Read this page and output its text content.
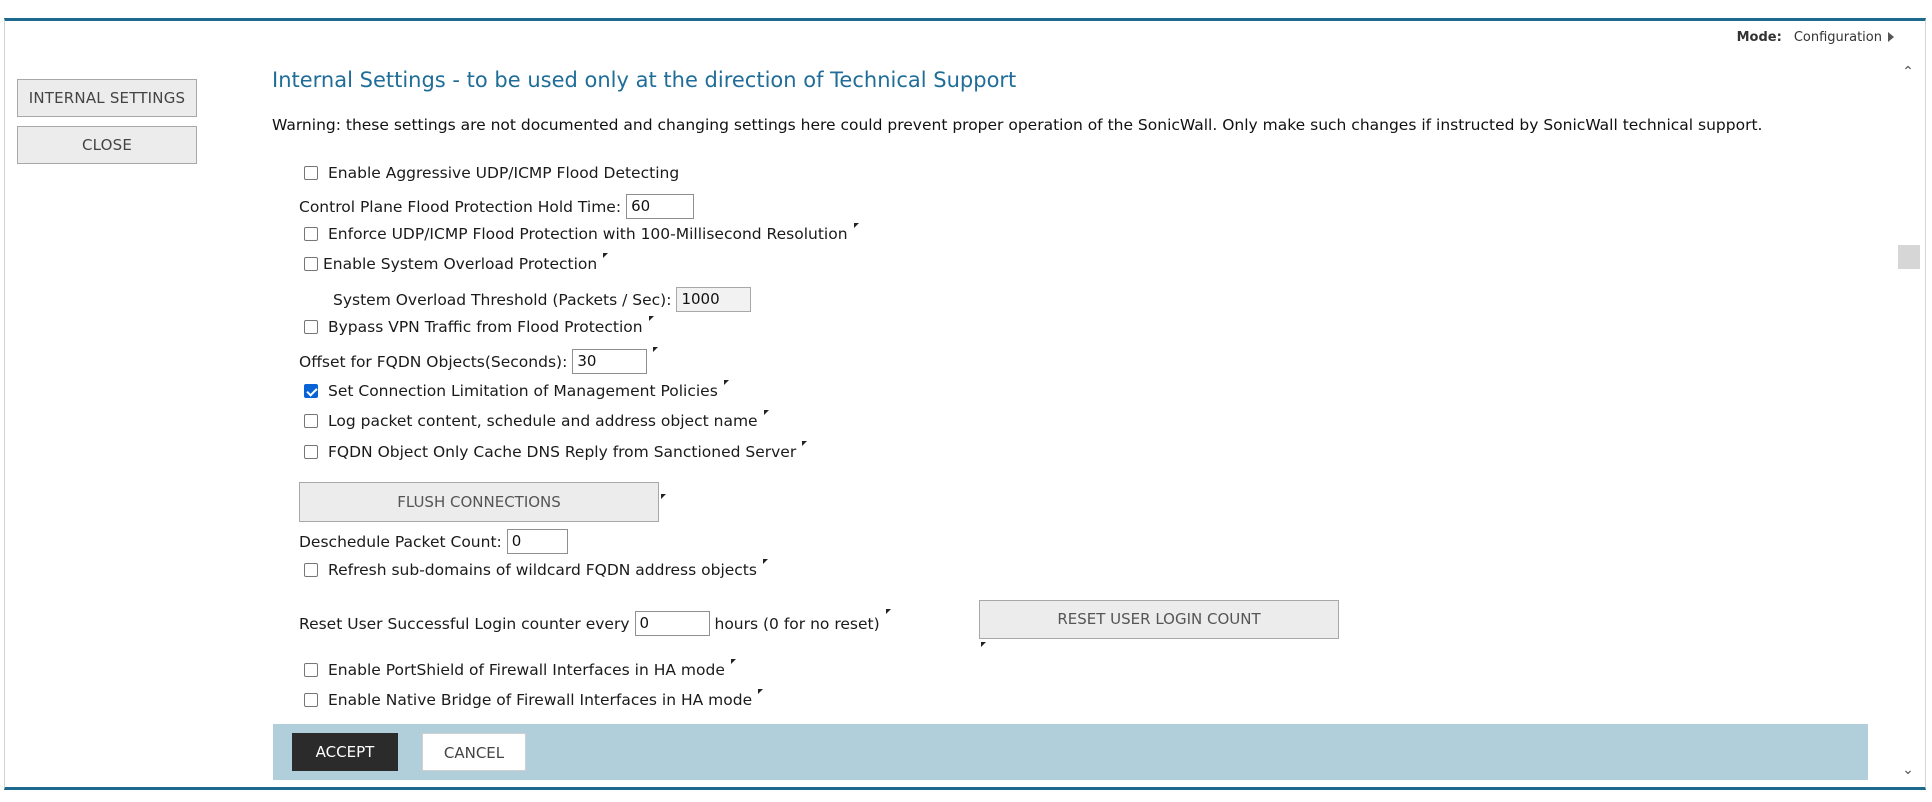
Mode: Configuration
INTERNAL SETTINGS
CLOSE
Internal Settings - to be used only at the direction of Technical Support
Warning: these settings are not documented and changing settings here could prevent proper operation of the SonicWall. Only make such changes if instructed by SonicWall technical support.
Enable Aggressive UDP/ICMP Flood Detecting
Control Plane Flood Protection Hold Time: 60
Enforce UDP/ICMP Flood Protection with 100-Millisecond Resolution
Enable System Overload Protection
System Overload Threshold (Packets / Sec): 1000
Bypass VPN Traffic from Flood Protection
Offset for FQDN Objects(Seconds): 30
Set Connection Limitation of Management Policies
Log packet content, schedule and address object name
FQDN Object Only Cache DNS Reply from Sanctioned Server
FLUSH CONNECTIONS
Deschedule Packet Count: 0
Refresh sub-domains of wildcard FQDN address objects
Reset User Successful Login counter every 0	hours (0 for no reset)	RESET USER LOGIN COUNT
Enable PortShield of Firewall Interfaces in HA mode
Enable Native Bridge of Firewall Interfaces in HA mode
ACCEPT	CANCEL
⌃
⌄
